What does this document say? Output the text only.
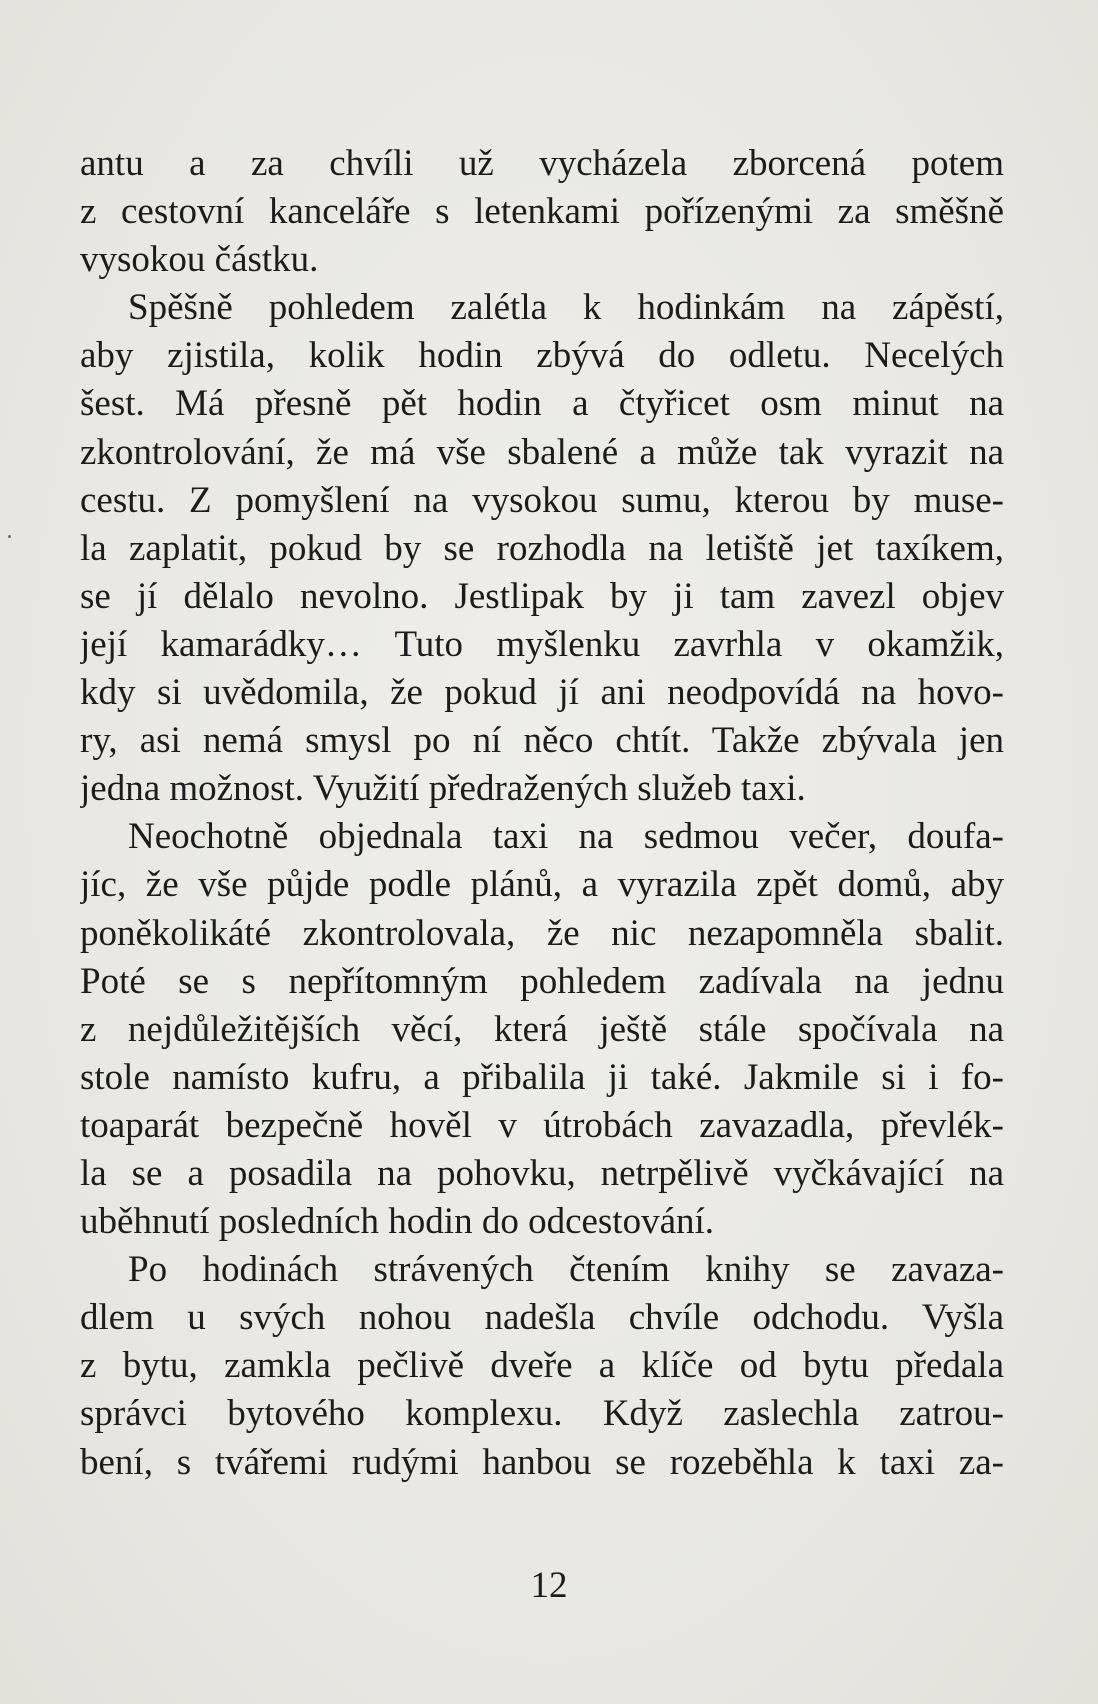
antu a za chvíli už vycházela zborcená potem
z cestovní kanceláře s letenkami pořízenými za směšně
vysokou částku.
Spěšně pohledem zalétla k hodinkám na zápěstí,
aby zjistila, kolik hodin zbývá do odletu. Necelých
šest. Má přesně pět hodin a čtyřicet osm minut na
zkontrolování, že má vše sbalené a může tak vyrazit na
cestu. Z pomyšlení na vysokou sumu, kterou by muse-
la zaplatit, pokud by se rozhodla na letiště jet taxíkem,
se jí dělalo nevolno. Jestlipak by ji tam zavezl objev
její kamarádky… Tuto myšlenku zavrhla v okamžik,
kdy si uvědomila, že pokud jí ani neodpovídá na hovo-
ry, asi nemá smysl po ní něco chtít. Takže zbývala jen
jedna možnost. Využití předražených služeb taxi.
Neochotně objednala taxi na sedmou večer, doufa-
jíc, že vše půjde podle plánů, a vyrazila zpět domů, aby
poněkolikáté zkontrolovala, že nic nezapomněla sbalit.
Poté se s nepřítomným pohledem zadívala na jednu
z nejdůležitějších věcí, která ještě stále spočívala na
stole namísto kufru, a přibalila ji také. Jakmile si i fo-
toaparát bezpečně hověl v útrobách zavazadla, převlék-
la se a posadila na pohovku, netrpělivě vyčkávající na
uběhnutí posledních hodin do odcestování.
Po hodinách strávených čtením knihy se zavaza-
dlem u svých nohou nadešla chvíle odchodu. Vyšla
z bytu, zamkla pečlivě dveře a klíče od bytu předala
správci bytového komplexu. Když zaslechla zatrou-
bení, s tvářemi rudými hanbou se rozeběhla k taxi za-
12
